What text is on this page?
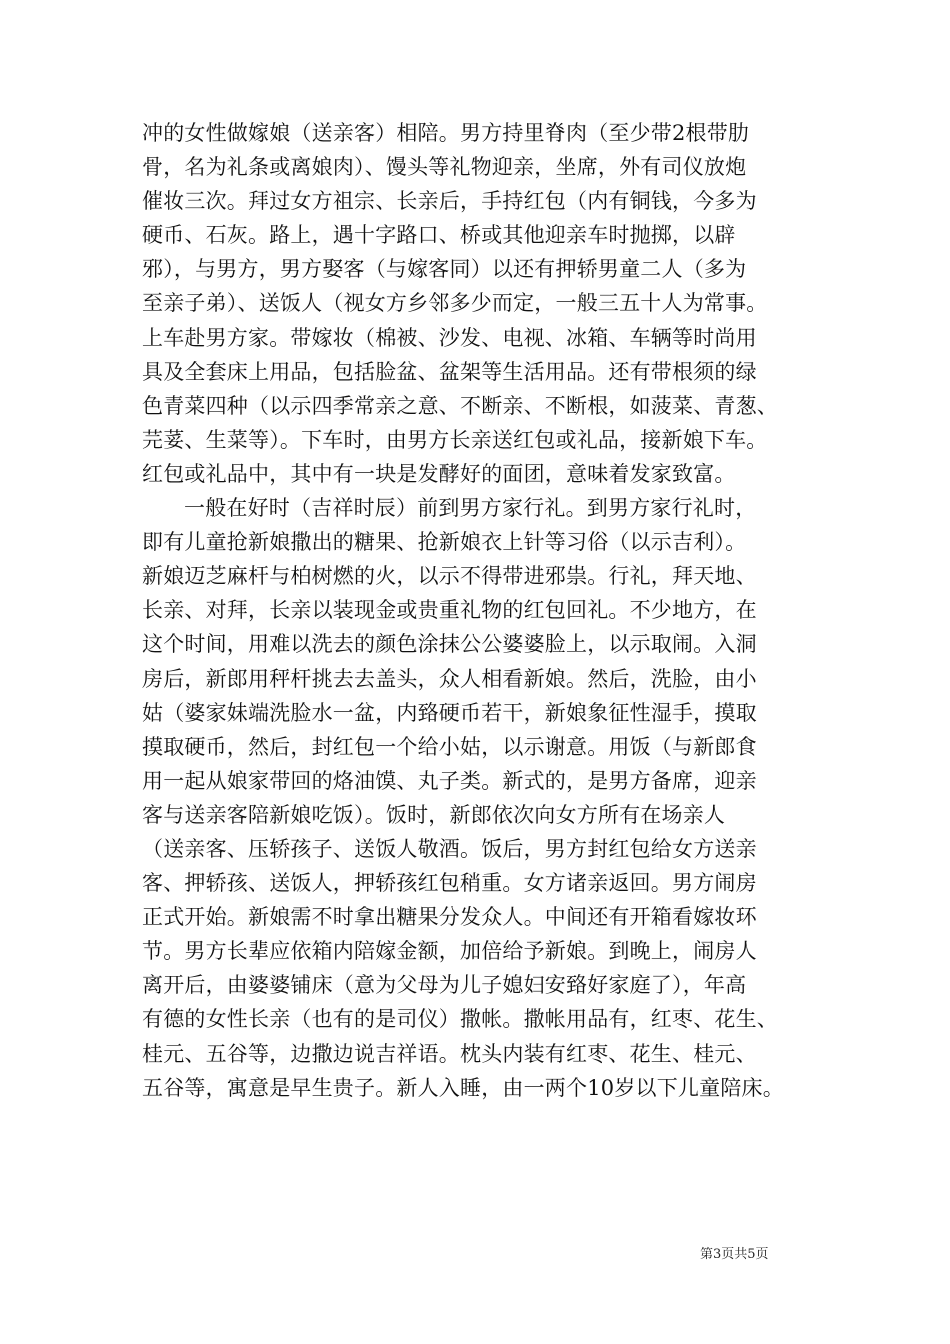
冲的女性做嫁娘（送亲客）相陪。男方持里脊肉（至少带2根带肋
骨，名为礼条或离娘肉）、馒头等礼物迎亲，坐席，外有司仪放炮
催妆三次。拜过女方祖宗、长亲后，手持红包（内有铜钱，今多为
硬币、石灰。路上，遇十字路口、桥或其他迎亲车时抛掷，以辟
邪），与男方，男方娶客（与嫁客同）以还有押轿男童二人（多为
至亲子弟）、送饭人（视女方乡邻多少而定，一般三五十人为常事。
上车赴男方家。带嫁妆（棉被、沙发、电视、冰箱、车辆等时尚用
具及全套床上用品，包括脸盆、盆架等生活用品。还有带根须的绿
色青菜四种（以示四季常亲之意、不断亲、不断根，如菠菜、青葱、
芫荽、生菜等）。下车时，由男方长亲送红包或礼品，接新娘下车。
红包或礼品中，其中有一块是发酵好的面团，意味着发家致富。
一般在好时（吉祥时辰）前到男方家行礼。到男方家行礼时，
即有儿童抢新娘撒出的糖果、抢新娘衣上针等习俗（以示吉利）。
新娘迈芝麻杆与柏树燃的火，以示不得带进邪祟。行礼，拜天地、
长亲、对拜，长亲以装现金或贵重礼物的红包回礼。不少地方，在
这个时间，用难以洗去的颜色涂抹公公婆婆脸上，以示取闹。入洞
房后，新郎用秤杆挑去去盖头，众人相看新娘。然后，洗脸，由小
姑（婆家妹端洗脸水一盆，内臵硬币若干，新娘象征性湿手，摸取
摸取硬币，然后，封红包一个给小姑，以示谢意。用饭（与新郎食
用一起从娘家带回的烙油馍、丸子类。新式的，是男方备席，迎亲
客与送亲客陪新娘吃饭）。饭时，新郎依次向女方所有在场亲人
（送亲客、压轿孩子、送饭人敬酒。饭后，男方封红包给女方送亲
客、押轿孩、送饭人，押轿孩红包稍重。女方诸亲返回。男方闹房
正式开始。新娘需不时拿出糖果分发众人。中间还有开箱看嫁妆环
节。男方长辈应依箱内陪嫁金额，加倍给予新娘。到晚上，闹房人
离开后，由婆婆铺床（意为父母为儿子媳妇安臵好家庭了），年高
有德的女性长亲（也有的是司仪）撒帐。撒帐用品有，红枣、花生、
桂元、五谷等，边撒边说吉祥语。枕头内装有红枣、花生、桂元、
五谷等，寓意是早生贵子。新人入睡，由一两个10岁以下儿童陪床。
第3页共5页
